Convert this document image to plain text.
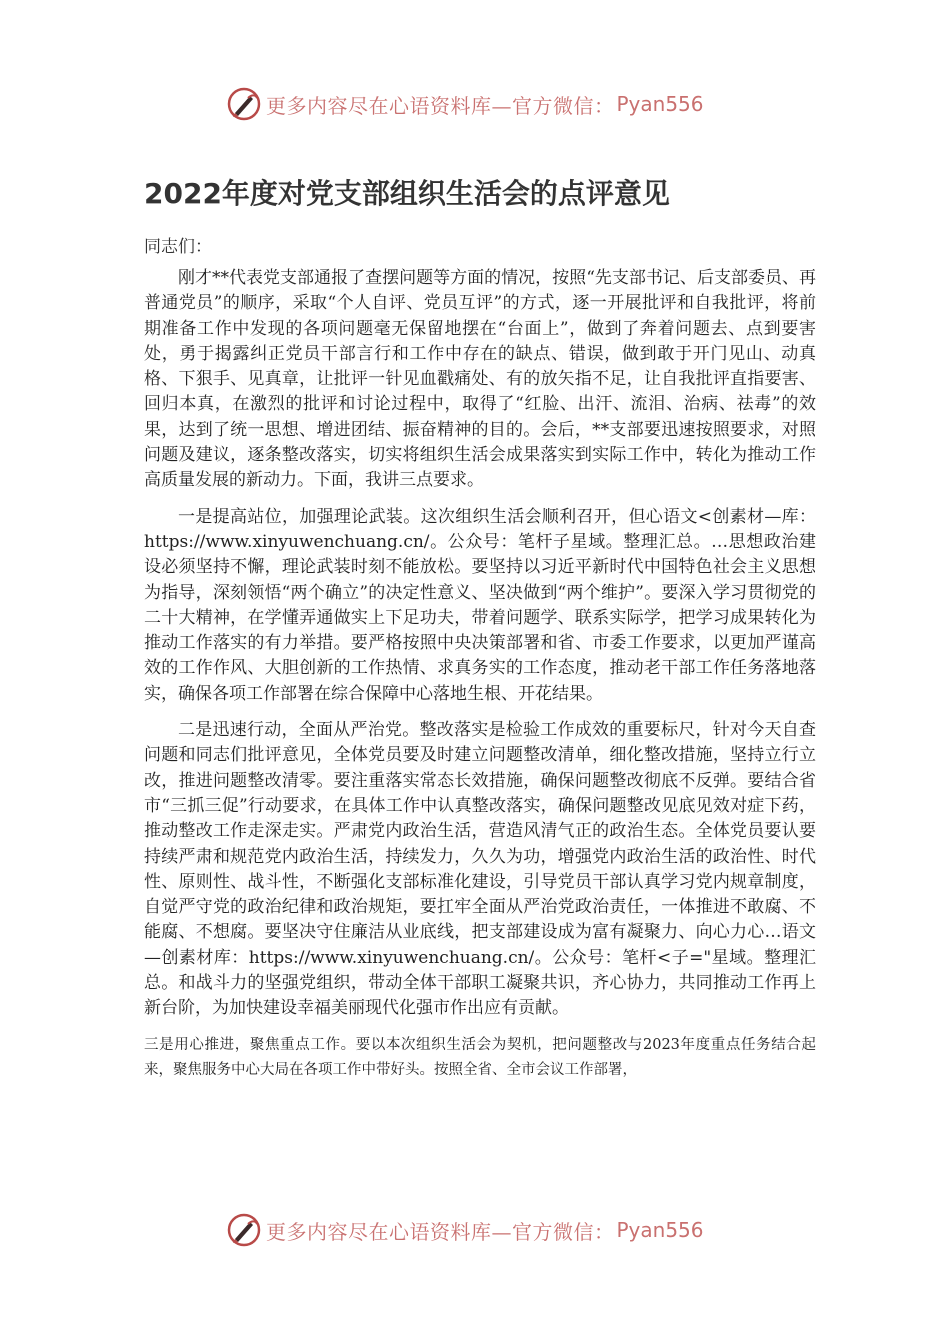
更多内容尽在心语资料库—官方微信： Pyan556
2022年度对党支部组织生活会的点评意见
同志们：

刚才**代表党支部通报了查摆问题等方面的情况，按照“先支部书记、后支部委员、再普通党员”的顺序，采取“个人自评、党员互评”的方式，逐一开展批评和自我批评，将前期准备工作中发现的各项问题毫无保留地摆在“台面上”，做到了奔着问题去、点到要害处，勇于揭露纠正党员干部言行和工作中存在的缺点、错误，做到敢于开门见山、动真格、下狠手、见真章，让批评一针见血戳痛处、有的放矢指不足，让自我批评直指要害、回归本真，在激烈的批评和讨论过程中，取得了“红脸、出汗、流泪、治病、祛毒”的效果，达到了统一思想、增进团结、振奋精神的目的。会后，**支部要迅速按照要求，对照问题及建议，逐条整改落实，切实将组织生活会成果落实到实际工作中，转化为推动工作高质量发展的新动力。下面，我讲三点要求。

一是提高站位，加强理论武装。这次组织生活会顺利召开，但心语文<创素材—库：https://www.xinyuwenchuang.cn/。公众号：笔杆子星域。整理汇总。…思想政治建设必须坚持不懈，理论武装时刻不能放松。要坚持以习近平新时代中国特色社会主义思想为指导，深刻领悟“两个确立”的决定性意义、坚决做到“两个维护”。要深入学习贯彻党的二十大精神，在学懂弄通做实上下足功夫，带着问题学、联系实际学，把学习成果转化为推动工作落实的有力举措。要严格按照中央决策部署和省、市委工作要求，以更加严谨高效的工作作风、大胆创新的工作热情、求真务实的工作态度，推动老干部工作任务落地落实，确保各项工作部署在综合保障中心落地生根、开花结果。

二是迅速行动，全面从严治党。整改落实是检验工作成效的重要标尺，针对今天自查问题和同志们批评意见，全体党员要及时建立问题整改清单，细化整改措施，坚持立行立改，推进问题整改清零。要注重落实常态长效措施，确保问题整改彻底不反弹。要结合省市“三抓三促”行动要求，在具体工作中认真整改落实，确保问题整改见底见效对症下药，推动整改工作走深走实。严肃党内政治生活，营造风清气正的政治生态。全体党员要认要持续严肃和规范党内政治生活，持续发力，久久为功，增强党内政治生活的政治性、时代性、原则性、战斗性，不断强化支部标准化建设，引导党员干部认真学习党内规章制度，自觉严守党的政治纪律和政治规矩，要扛牢全面从严治党政治责任，一体推进不敢腐、不能腐、不想腐。要坚决守住廉洁从业底线，把支部建设成为富有凝聚力、向心力心…语文—创素材库：https://www.xinyuwenchuang.cn/。公众号：笔杆<子="星域。整理汇总。和战斗力的坚强党组织，带动全体干部职工凝聚共识，齐心协力，共同推动工作再上新台阶，为加快建设幸福美丽现代化强市作出应有贡献。

三是用心推进，聚焦重点工作。要以本次组织生活会为契机，把问题整改与2023年度重点任务结合起来，聚焦服务中心大局在各项工作中带好头。按照全省、全市会议工作部署，

更多内容尽在心语资料库—官方微信： Pyan556
